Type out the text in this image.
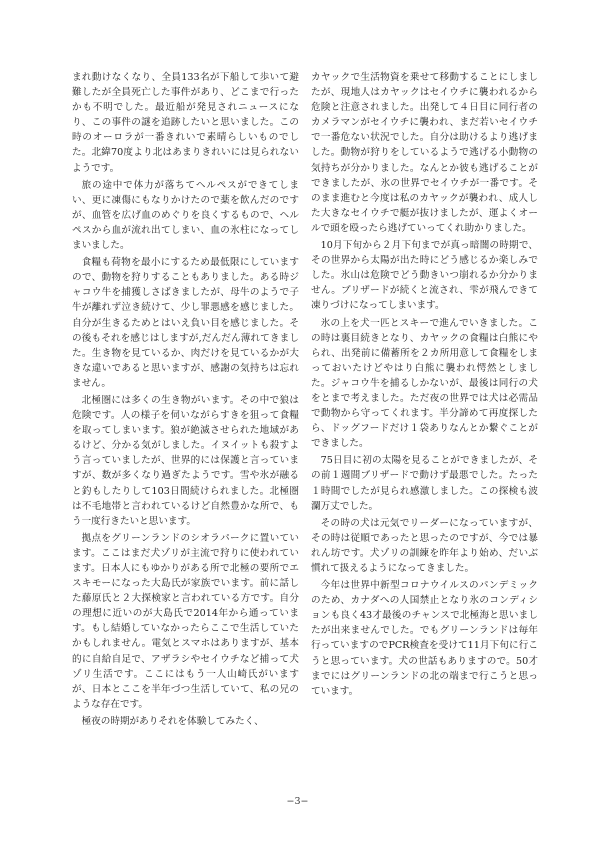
まれ動けなくなり、全員133名が下船して歩いて避難したが全員死亡した事件があり、どこまで行ったかも不明でした。最近船が発見されニュースになり、この事件の謎を追跡したいと思いました。この時のオーロラが一番きれいで素晴らしいものでした。北緯70度より北はあまりきれいには見られないようです。

旅の途中で体力が落ちてヘルペスができてしまい、更に凍傷にもなりかけたので薬を飲んだのですが、血管を広げ血のめぐりを良くするもので、ヘルペスから血が流れ出てしまい、血の氷柱になってしまいました。

食糧も荷物を最小にするため最低限にしていますので、動物を狩りすることもありました。ある時ジャコウ牛を捕獲しさばきましたが、母牛のようで子牛が離れず泣き続けて、少し罪悪感を感じました。自分が生きるためとはいえ負い目を感じました。その後もそれを感じはしますが,だんだん薄れてきました。生き物を見ているか、肉だけを見ているかが大きな違いであると思いますが、感謝の気持ちは忘れません。

北極圏には多くの生き物がいます。その中で狼は危険です。人の様子を伺いながらすきを狙って食糧を取ってしまいます。狼が絶滅させられた地域があるけど、分かる気がしました。イヌイットも殺すよう言っていましたが、世界的には保護と言っていますが、数が多くなり過ぎたようです。雪や氷が融ると釣もしたりして103日間続けられました。北極圏は不毛地帯と言われているけど自然豊かな所で、もう一度行きたいと思います。

拠点をグリーンランドのシオラパークに置いています。ここはまだ犬ゾリが主流で狩りに使われています。日本人にもゆかりがある所で北極の要所でエスキモーになった大島氏が家族でいます。前に話した藤原氏と２大探検家と言われている方です。自分の理想に近いのが大島氏で2014年から通っています。もし結婚していなかったらここで生活していたかもしれません。電気とスマホはありますが、基本的に自給自足で、アザラシやセイウチなど捕って犬ゾリ生活です。ここにはもう一人山崎氏がいますが、日本とここを半年づつ生活していて、私の兄のような存在です。

極夜の時期がありそれを体験してみたく、

カヤックで生活物資を乗せて移動することにしましたが、現地人はカヤックはセイウチに襲われるから危険と注意されました。出発して４日目に同行者のカメラマンがセイウチに襲われ、まだ若いセイウチで一番危ない状況でした。自分は助けるより逃げました。動物が狩りをしているようで逃げる小動物の気持ちが分かりました。なんとか彼も逃げることができましたが、氷の世界でセイウチが一番です。そのまま進むと今度は私のカヤックが襲われ、成人した大きなセイウチで艇が抜けましたが、運よくオールで頭を殴ったら逃げていってくれ助かりました。

10月下旬から２月下旬までが真っ暗闇の時期で、その世界から太陽が出た時にどう感じるか楽しみでした。氷山は危険でどう動きいつ崩れるか分かりません。ブリザードが続くと流され、雫が飛んできて凍りづけになってしまいます。

氷の上を犬一匹とスキーで進んでいきました。この時は裏目続きとなり、カヤックの食糧は白熊にやられ、出発前に備蓄所を２カ所用意して食糧をしまっておいたけどやはり白熊に襲われ愕然としました。ジャコウ牛を捕るしかないが、最後は同行の犬をとまで考えました。ただ夜の世界では犬は必需品で動物から守ってくれます。半分諦めて再度探したら、ドッグフードだけ１袋ありなんとか繋ぐことができました。

75日目に初の太陽を見ることができましたが、その前１週間ブリザードで動けず最悪でした。たった１時間でしたが見られ感激しました。この探検も波瀾万丈でした。

その時の犬は元気でリーダーになっていますが、その時は従順であったと思ったのですが、今では暴れん坊です。犬ゾリの訓練を昨年より始め、だいぶ慣れて扱えるようになってきました。

今年は世界中新型コロナウイルスのパンデミックのため、カナダへの人国禁止となり氷のコンディションも良く43才最後のチャンスで北極海と思いましたが出来ませんでした。でもグリーンランドは毎年行っていますのでPCR検査を受けて11月下旬に行こうと思っています。犬の世話もありますので。50才までにはグリーンランドの北の端まで行こうと思っています。

−3−
